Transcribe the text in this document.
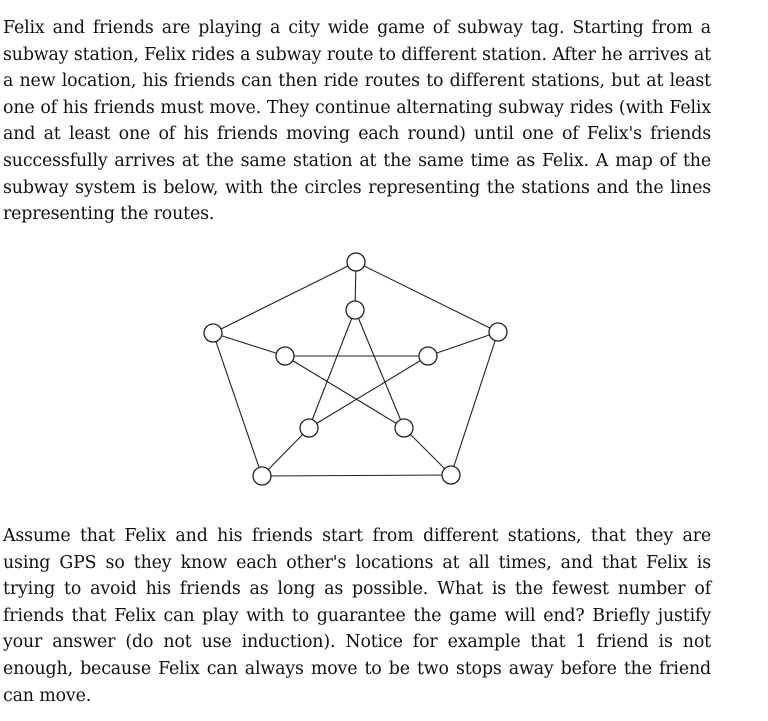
Felix and friends are playing a city wide game of subway tag. Starting from a subway station, Felix rides a subway route to different station. After he arrives at a new location, his friends can then ride routes to different stations, but at least one of his friends must move. They continue alternating subway rides (with Felix and at least one of his friends moving each round) until one of Felix's friends successfully arrives at the same station at the same time as Felix. A map of the subway system is below, with the circles representing the stations and the lines representing the routes.

Assume that Felix and his friends start from different stations, that they are using GPS so they know each other's locations at all times, and that Felix is trying to avoid his friends as long as possible. What is the fewest number of friends that Felix can play with to guarantee the game will end? Briefly justify your answer (do not use induction). Notice for example that 1 friend is not enough, because Felix can always move to be two stops away before the friend can move.
